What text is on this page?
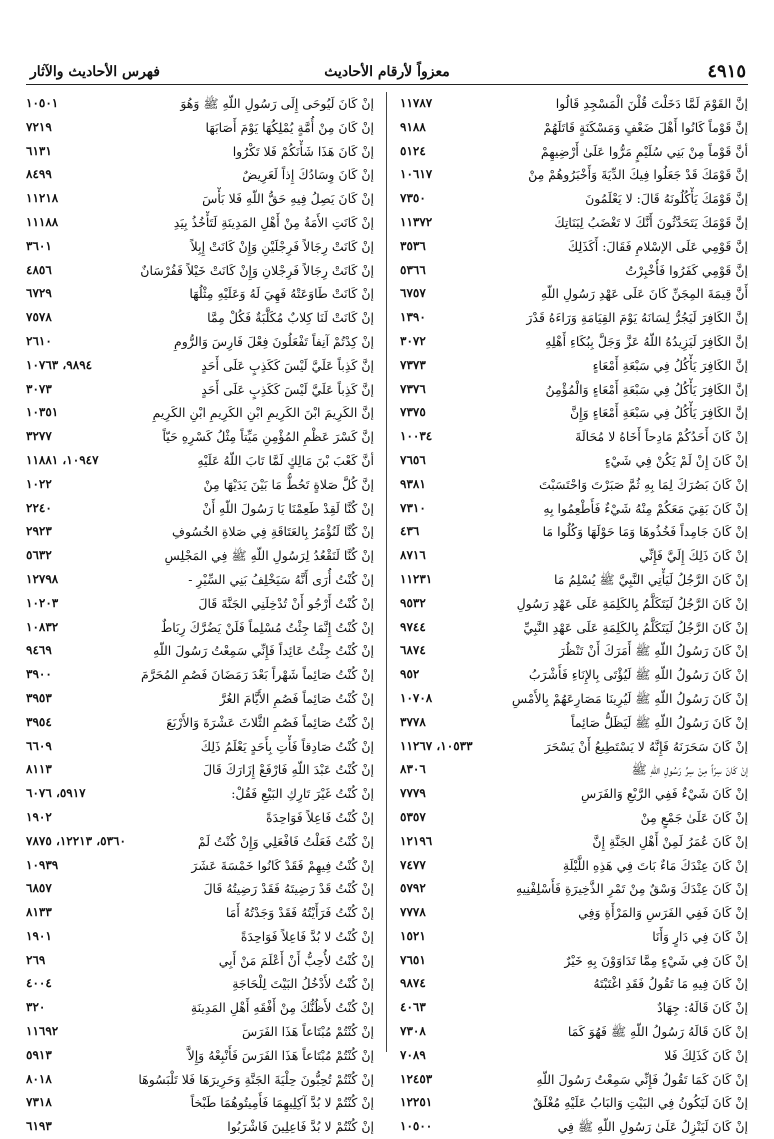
٤٩١٥
معزواً لأرقام الأحاديث
فهرس الأحاديث والآثار
إنَّ القَوْمَ لَمَّا دَخَلْتَ قُلْنَ الْمَسْجِدِ قَالُوا
١١٧٨٧
إنَّ قَوْماً كَانُوا أَهْلَ ضَعْفٍ وَمَسْكَنَةٍ قَاتَلَهُمْ
٩١٨٨
أنَّ قَوْماً مِنْ بَنِي سُلَيْمٍ مَرُّوا عَلَىٰ أَرْضِيهِمْ
٥١٢٤
إنَّ قَوْمَكَ قَدْ جَعَلُوا فِيكَ الدِّيَةَ وَأَخْبَرُوهُمْ مِنْ
١٠٦١٧
إنَّ قَوْمَكَ يَأْكُلُونَهُ قَالَ: لا يَعْلَمُونَ
٧٣٥٠
إنَّ قَوْمَكَ يَتَحَدَّثُونَ أَنَّكَ لا تَغْضَبُ لِبَنَاتِكَ
١١٣٧٢
إنَّ قَوْمِي عَلَى الإسْلامِ فَقَالَ: أَكَذَلِكَ
٣٥٣٦
إنَّ قَوْمِي كَفَرُوا فَأُخْبِرْتُ
٥٣٦٦
أَنَّ قِيمَةَ المِجَنِّ كَانَ عَلَى عَهْدِ رَسُولِ اللّهِ
٦٧٥٧
إنَّ الكَافِرَ لَيَجُرُّ لِسَانَهُ يَوْمَ القِيَامَةِ وَرَاءَهُ قَدْرَ
١٣٩٠
إنَّ الكَافِرَ لَيَزِيدُهُ اللّهُ عَزَّ وَجَلَّ بِبُكَاءِ أَهْلِهِ
٣٠٧٢
إنَّ الكَافِرَ يَأْكُلُ فِي سَبْعَةِ أَمْعَاءٍ
٧٣٧٣
إنَّ الكَافِرَ يَأْكُلُ فِي سَبْعَةِ أَمْعَاءٍ وَالْمُؤْمِنُ
٧٣٧٦
إنَّ الكَافِرَ يَأْكُلُ فِي سَبْعَةِ أَمْعَاءٍ وَإِنَّ
٧٣٧٥
إنْ كَانَ أَحَدُكُمْ مَادِحاً أَخَاهُ لا مُحَالَةَ
١٠٠٣٤
إنْ كَانَ إِنْ لَمْ يَكُنْ فِي شَيْءٍ
٧٦٥٦
إنْ كَانَ بَصُرَكَ لِمَا بِهِ ثُمَّ صَبَرْتَ وَاحْتَسَبْتَ
٩٣٨١
إنْ كَانَ بَقِيَ مَعَكُمْ مِنْهُ شَيْءٌ فَأَطْعِمُوا بِهِ
٧٣١٠
إنْ كَانَ جَامِداً فَخُذُوهَا وَمَا حَوْلَهَا وَكُلُوا مَا
٤٣٦
إنْ كَانَ ذَلِكَ إِلَيَّ فَإِنِّي
٨٧١٦
إنْ كَانَ الرَّجُلُ لَيَأْتِي النَّبِيَّ ﷺ يُسْلِمُ مَا
١١٢٣١
إنْ كَانَ الرَّجُلُ لَيَتَكَلَّمُ بِالكَلِمَةِ عَلَى عَهْدِ رَسُولِ
٩٥٣٢
إنْ كَانَ الرَّجُلُ لَيَتَكَلَّمُ بِالكَلِمَةِ عَلَى عَهْدِ النَّبِيِّ
٩٧٤٤
إنْ كَانَ رَسُولُ اللّهِ ﷺ أَمَرَكَ أَنْ تَنْظُرَ
٦٨٧٤
إنْ كَانَ رَسُولُ اللّهِ ﷺ لَيُؤْتَى بِالإِنَاءِ فَأَشْرَبُ
٩٥٢
إنْ كَانَ رَسُولُ اللّهِ ﷺ لَيُرِينَا مَصَارِعَهُمْ بِالأَمْسِ
١٠٧٠٨
إنْ كَانَ رَسُولُ اللّهِ ﷺ لَيَظَلُّ صَائِماً
٣٧٧٨
إنْ كَانَ سَحَرَنَهُ فَإِنَّهُ لا يَسْتَطِيعُ أَنْ يَسْحَرَ
١٠٥٣٣، ١١٢٦٧
إنْ كَانَ سِرّاً مِنْ سِرِّ رَسُولِ اللّهِ ﷺ
٨٣٠٦
إنْ كَانَ شَيْءٌ فَفِي الرَّبْعِ وَالفَرَسِ
٧٧٧٩
إنْ كَانَ عَلَىٰ جَمْعٍ مِنْ
٥٣٥٧
إنْ كَانَ عُمَرُ لَمِنْ أَهْلِ الجَنَّةِ إِنَّ
١٢١٩٦
إنْ كَانَ عِنْدَكَ مَاءٌ بَاتَ فِي هَذِهِ اللَّيْلَةِ
٧٤٧٧
إنْ كَانَ عِنْدَكَ وَسْقٌ مِنْ تَمْرِ الذَّخِيرَةِ فَأَسْلِفْنِيهِ
٥٧٩٢
إنْ كَانَ فَفِي الفَرَسِ وَالمَرْأَةِ وَفِي
٧٧٧٨
إنْ كَانَ فِي دَارٍ وَأَنَا
١٥٢١
إنْ كَانَ فِي شَيْءٍ مِمَّا تَدَاوَوْنَ بِهِ خَيْرٌ
٧٦٥١
إنْ كَانَ فِيهِ مَا تَقُولُ فَقَدِ اغْتَبْتَهُ
٩٨٧٤
إنْ كَانَ قَالَهُ: جِهَادٌ
٤٠٦٣
إنْ كَانَ قَالَهُ رَسُولُ اللّهِ ﷺ فَهُوَ كَمَا
٧٣٠٨
إنْ كَانَ كَذَلِكَ فَلا
٧٠٨٩
إنْ كَانَ كَمَا تَقُولُ فَإِنِّي سَمِعْتُ رَسُولَ اللّهِ
١٢٤٥٣
إنْ كَانَ لَيَكُونُ فِي البَيْتِ وَالبَابُ عَلَيْهِ مُغْلَقٌ
١٢٢٥١
إنْ كَانَ لَيَنْزِلُ عَلَىٰ رَسُولِ اللّهِ ﷺ فِي
١٠٥٠٠
إنْ كَانَ لَيُوحَى إِلَى رَسُولِ اللّهِ ﷺ وَهُوَ
١٠٥٠١
إنْ كَانَ مِنْ أُمَّةٍ يُمْلِكُهَا يَوْمَ أَصَابَهَا
٧٢١٩
إنْ كَانَ هَذَا شَأْنَكُمْ فَلا تَكْرُوا
٦١٣١
إنْ كَانَ وِسَادُكَ إِذاً لَعَرِيضٌ
٨٤٩٩
إنْ كَانَ يَصِلُ فِيهِ حَقُّ اللّهِ فَلا بَأْسَ
١١٢١٨
إنْ كَانَتِ الأَمَةُ مِنْ أَهْلِ المَدِينَةِ لَتَأْخُذُ بِيَدِ
١١١٨٨
إنْ كَانَتْ رِجَالاً فَرِجْلَيْنِ وَإِنْ كَانَتْ إِبِلاً
٣٦٠١
إنْ كَانَتْ رِجَالاً فَرِجْلانِ وَإِنْ كَانَتْ خَيْلاً فَفُرْسَانٌ
٤٨٥٦
إنْ كَانَتْ طَاوَعَتْهُ فَهِيَ لَهُ وَعَلَيْهِ مِثْلُهَا
٦٧٢٩
إنْ كَانَتْ لَنَا كِلابٌ مُكَلَّبَةٌ فَكُلْ مِمَّا
٧٥٧٨
إنْ كِدْتُمْ آنِفاً تَفْعَلُونَ فِعْلَ فَارِسَ وَالرُّومِ
٢٦١٠
إنَّ كَذِباً عَلَيَّ لَيْسَ كَكَذِبٍ عَلَى أَحَدٍ
٩٨٩٤، ١٠٧٦٣
إنَّ كَذِباً عَلَيَّ لَيْسَ كَكَذِبٍ عَلَى أَحَدٍ
٣٠٧٣
إنَّ الكَرِيمَ ابْنَ الكَرِيمِ ابْنِ الكَرِيمِ ابْنِ الكَرِيمِ
١٠٣٥١
إنَّ كَسْرَ عَظْمِ المُؤْمِنِ مَيِّتاً مِثْلُ كَسْرِهِ حَيّاً
٣٢٧٧
أنَّ كَعْبَ بْنَ مَالِكٍ لَمَّا تَابَ اللّهُ عَلَيْهِ
١٠٩٤٧، ١١٨٨١
إنَّ كُلَّ صَلاةٍ تَحُطُّ مَا بَيْنَ يَدَيْهَا مِنْ
١٠٢٢
إنْ كُنَّا لَقِدْ طَعِمْنَا يَا رَسُولَ اللّهِ أَنْ
٢٢٤٠
إنْ كُنَّا لَنُؤْمَرُ بِالعَتَاقَةِ فِي صَلاةِ الخُسُوفِ
٢٩٢٣
إنْ كُنَّا لَنَقْعُدُ لِرَسُولِ اللّهِ ﷺ فِي المَجْلِسِ
٥٦٣٢
إنْ كُنْتُ أُرَى أَنَّهُ سَيَخْلِفُ بَنِي السِّيْرِ -
١٢٧٩٨
إنْ كُنْتُ أَرْجُو أَنْ تُدْخِلَنِي الجَنَّةَ قَالَ
١٠٢٠٣
إنْ كُنْتُ إِنَّمَا جِئْتُ مُسْلِماً فَلَنْ يَضُرَّكَ رِبَاطٌ
١٠٨٣٢
إنْ كُنْتُ جِئْتُ عَائِداً فَإِنِّي سَمِعْتُ رَسُولَ اللّهِ
٩٤٦٩
إنْ كُنْتُ صَائِماً شَهْراً بَعْدَ رَمَضَانَ فَصُمِ المُحَرَّمَ
٣٩٠٠
إنْ كُنْتُ صَائِماً فَصُمِ الأَيَّامَ الغُرَّ
٣٩٥٣
إنْ كُنْتُ صَائِماً فَصُمِ الثَّلاثَ عَشْرَةَ وَالأَرْبَعَ
٣٩٥٤
إنْ كُنْتُ صَادِقاً فَأْتِ بِأَحَدٍ يَعْلَمُ ذَلِكَ
٦٦٠٩
إنْ كُنْتُ عَبْدَ اللّهِ فَارْفَعْ إِزَارَكَ قَالَ
٨١١٣
إنْ كُنْتُ غَيْرَ تَارِكِ البَيْعِ فَقُلْ:
٥٩١٧، ٦٠٧٦
إنْ كُنْتُ فَاعِلاً فَوَاحِدَةً
١٩٠٢
إنْ كُنْتُ فَعَلْتُ فَافْعَلِي وَإِنْ كُنْتُ لَمْ
٥٣٦٠، ١٢٢١٣، ٧٨٧٥
إنْ كُنْتُ فِيهِمْ فَقَدْ كَانُوا خَمْسَةَ عَشَرَ
١٠٩٣٩
إنْ كُنْتُ قَدْ رَضِيتَهُ فَقَدْ رَضِيتُهُ قَالَ
٦٨٥٧
إنْ كُنْتُ فَرَأَيْتُهُ فَقَدْ وَجَدْتُهُ أَمَا
٨١٣٣
إنْ كُنْتُ لا بُدَّ فَاعِلاً فَوَاحِدَةً
١٩٠١
إنْ كُنْتُ لأُحِبُّ أَنْ أَعْلَمَ مَنْ أَبِي
٢٦٩
إنْ كُنْتُ لأَدْخُلُ البَيْتَ لِلْحَاجَةِ
٤٠٠٤
إنْ كُنْتُ لأَظُنُّكَ مِنْ أَفْقَهِ أَهْلِ المَدِينَةِ
٣٢٠
إنْ كُنْتُمْ مُبْتَاعاً هَذَا الفَرَسَ
١١٦٩٢
إنْ كُنْتُمْ مُبْتَاعاً هَذَا الفَرَسَ فَأَنْبِعْهُ وَإِلاَّ
٥٩١٣
إنْ كُنْتُمْ تُحِبُّونَ حِلْيَةَ الجَنَّةِ وَحَرِيرَهَا فَلا تَلْبَسُوهَا
٨٠١٨
إنْ كُنْتُمْ لا بُدَّ آكِلِيهِمَا فَأَمِيتُوهُمَا طَبْخاً
٧٣١٨
إنْ كُنْتُمْ لا بُدَّ فَاعِلِينَ فَاشْرَبُوا
٦١٩٣
